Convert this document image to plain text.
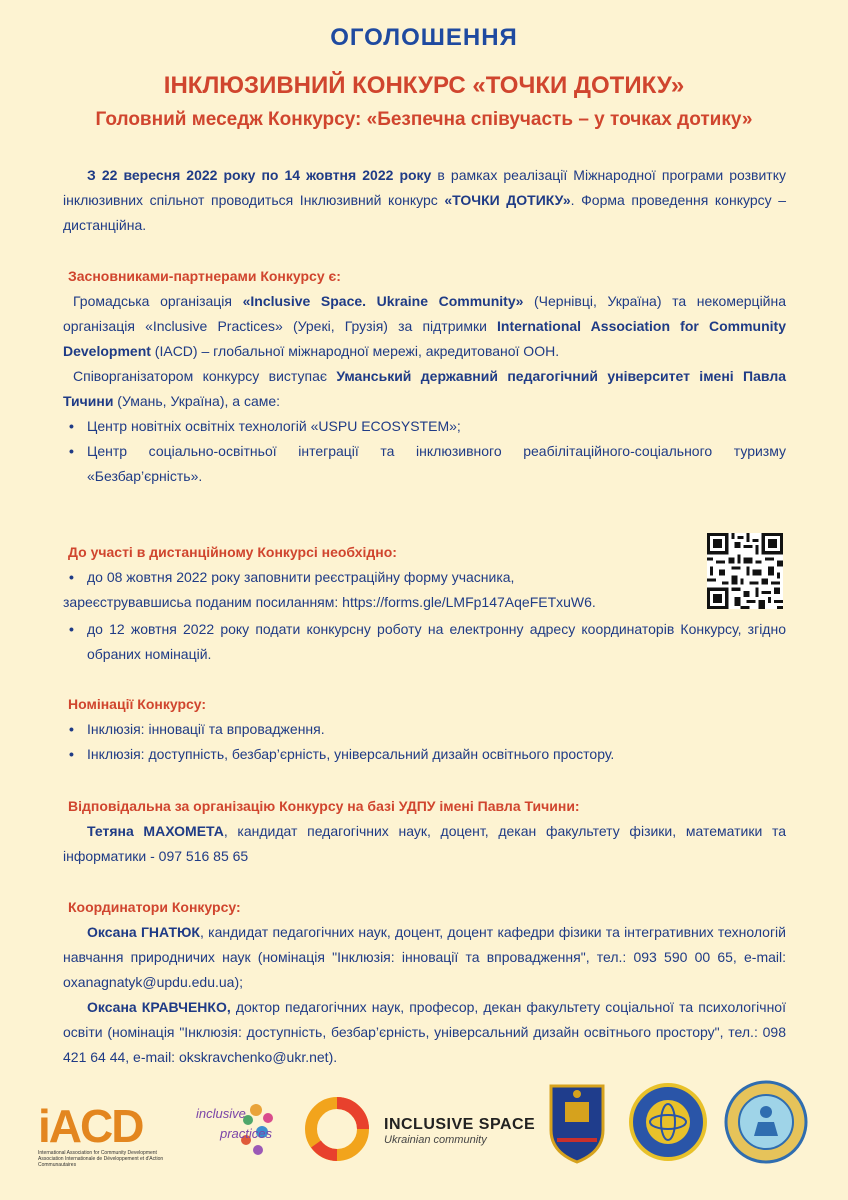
ОГОЛОШЕННЯ
ІНКЛЮЗИВНИЙ КОНКУРС «ТОЧКИ ДОТИКУ»
Головний меседж Конкурсу: «Безпечна співучасть – у точках дотику»

З 22 вересня 2022 року по 14 жовтня 2022 року в рамках реалізації Міжнародної програми розвитку інклюзивних спільнот проводиться Інклюзивний конкурс «ТОЧКИ ДОТИКУ». Форма проведення конкурсу – дистанційна.

Засновниками-партнерами Конкурсу є:

Громадська організація «Inclusive Space. Ukraine Community» (Чернівці, Україна) та некомерційна організація «Inclusive Practices» (Урекі, Грузія) за підтримки International Association for Community Development (IACD) – глобальної міжнародної мережі, акредитованої ООН.

Співорганізатором конкурсу виступає Уманський державний педагогічний університет імені Павла Тичини (Умань, Україна), а саме:

• Центр новітніх освітніх технологій «USPU ECOSYSTEM»;
• Центр соціально-освітньої інтеграції та інклюзивного реабілітаційного-соціального туризму «Безбар’єрність».

До участі в дистанційному Конкурсі необхідно:

• до 08 жовтня 2022 року заповнити реєстраційну форму учасника,

зареєструвавшисьа поданим посиланням: https://forms.gle/LMFp147AqeFETxuW6.

• до 12 жовтня 2022 року подати конкурсну роботу на електронну адресу координаторів Конкурсу, згідно обраних номінацій.

Номінації Конкурсу:

• Інклюзія: інновації та впровадження.
• Інклюзія: доступність, безбар’єрність, універсальний дизайн освітнього простору.

Відповідальна за організацію Конкурсу на базі УДПУ імені Павла Тичини:

Тетяна МАХОМЕТА, кандидат педагогічних наук, доцент, декан факультету фізики, математики та інформатики - 097 516 85 65

Координатори Конкурсу:

Оксана ГНАТЮК, кандидат педагогічних наук, доцент, доцент кафедри фізики та інтегративних технологій навчання природничих наук (номінація "Інклюзія: інновації та впровадження", тел.: 093 590 00 65, e-mail: oxanagnatyk@updu.edu.ua);

Оксана КРАВЧЕНКО, доктор педагогічних наук, професор, декан факультету соціальної та психологічної освіти (номінація "Інклюзія: доступність, безбар’єрність, універсальний дизайн освітнього простору", тел.: 098 421 64 44, e-mail: okskravchenko@ukr.net).

iACD
International Association for Community Development
Association Internationale de Développement et d'Action Communautaires
inclusive
practices
INCLUSIVE SPACE
Ukrainian community
